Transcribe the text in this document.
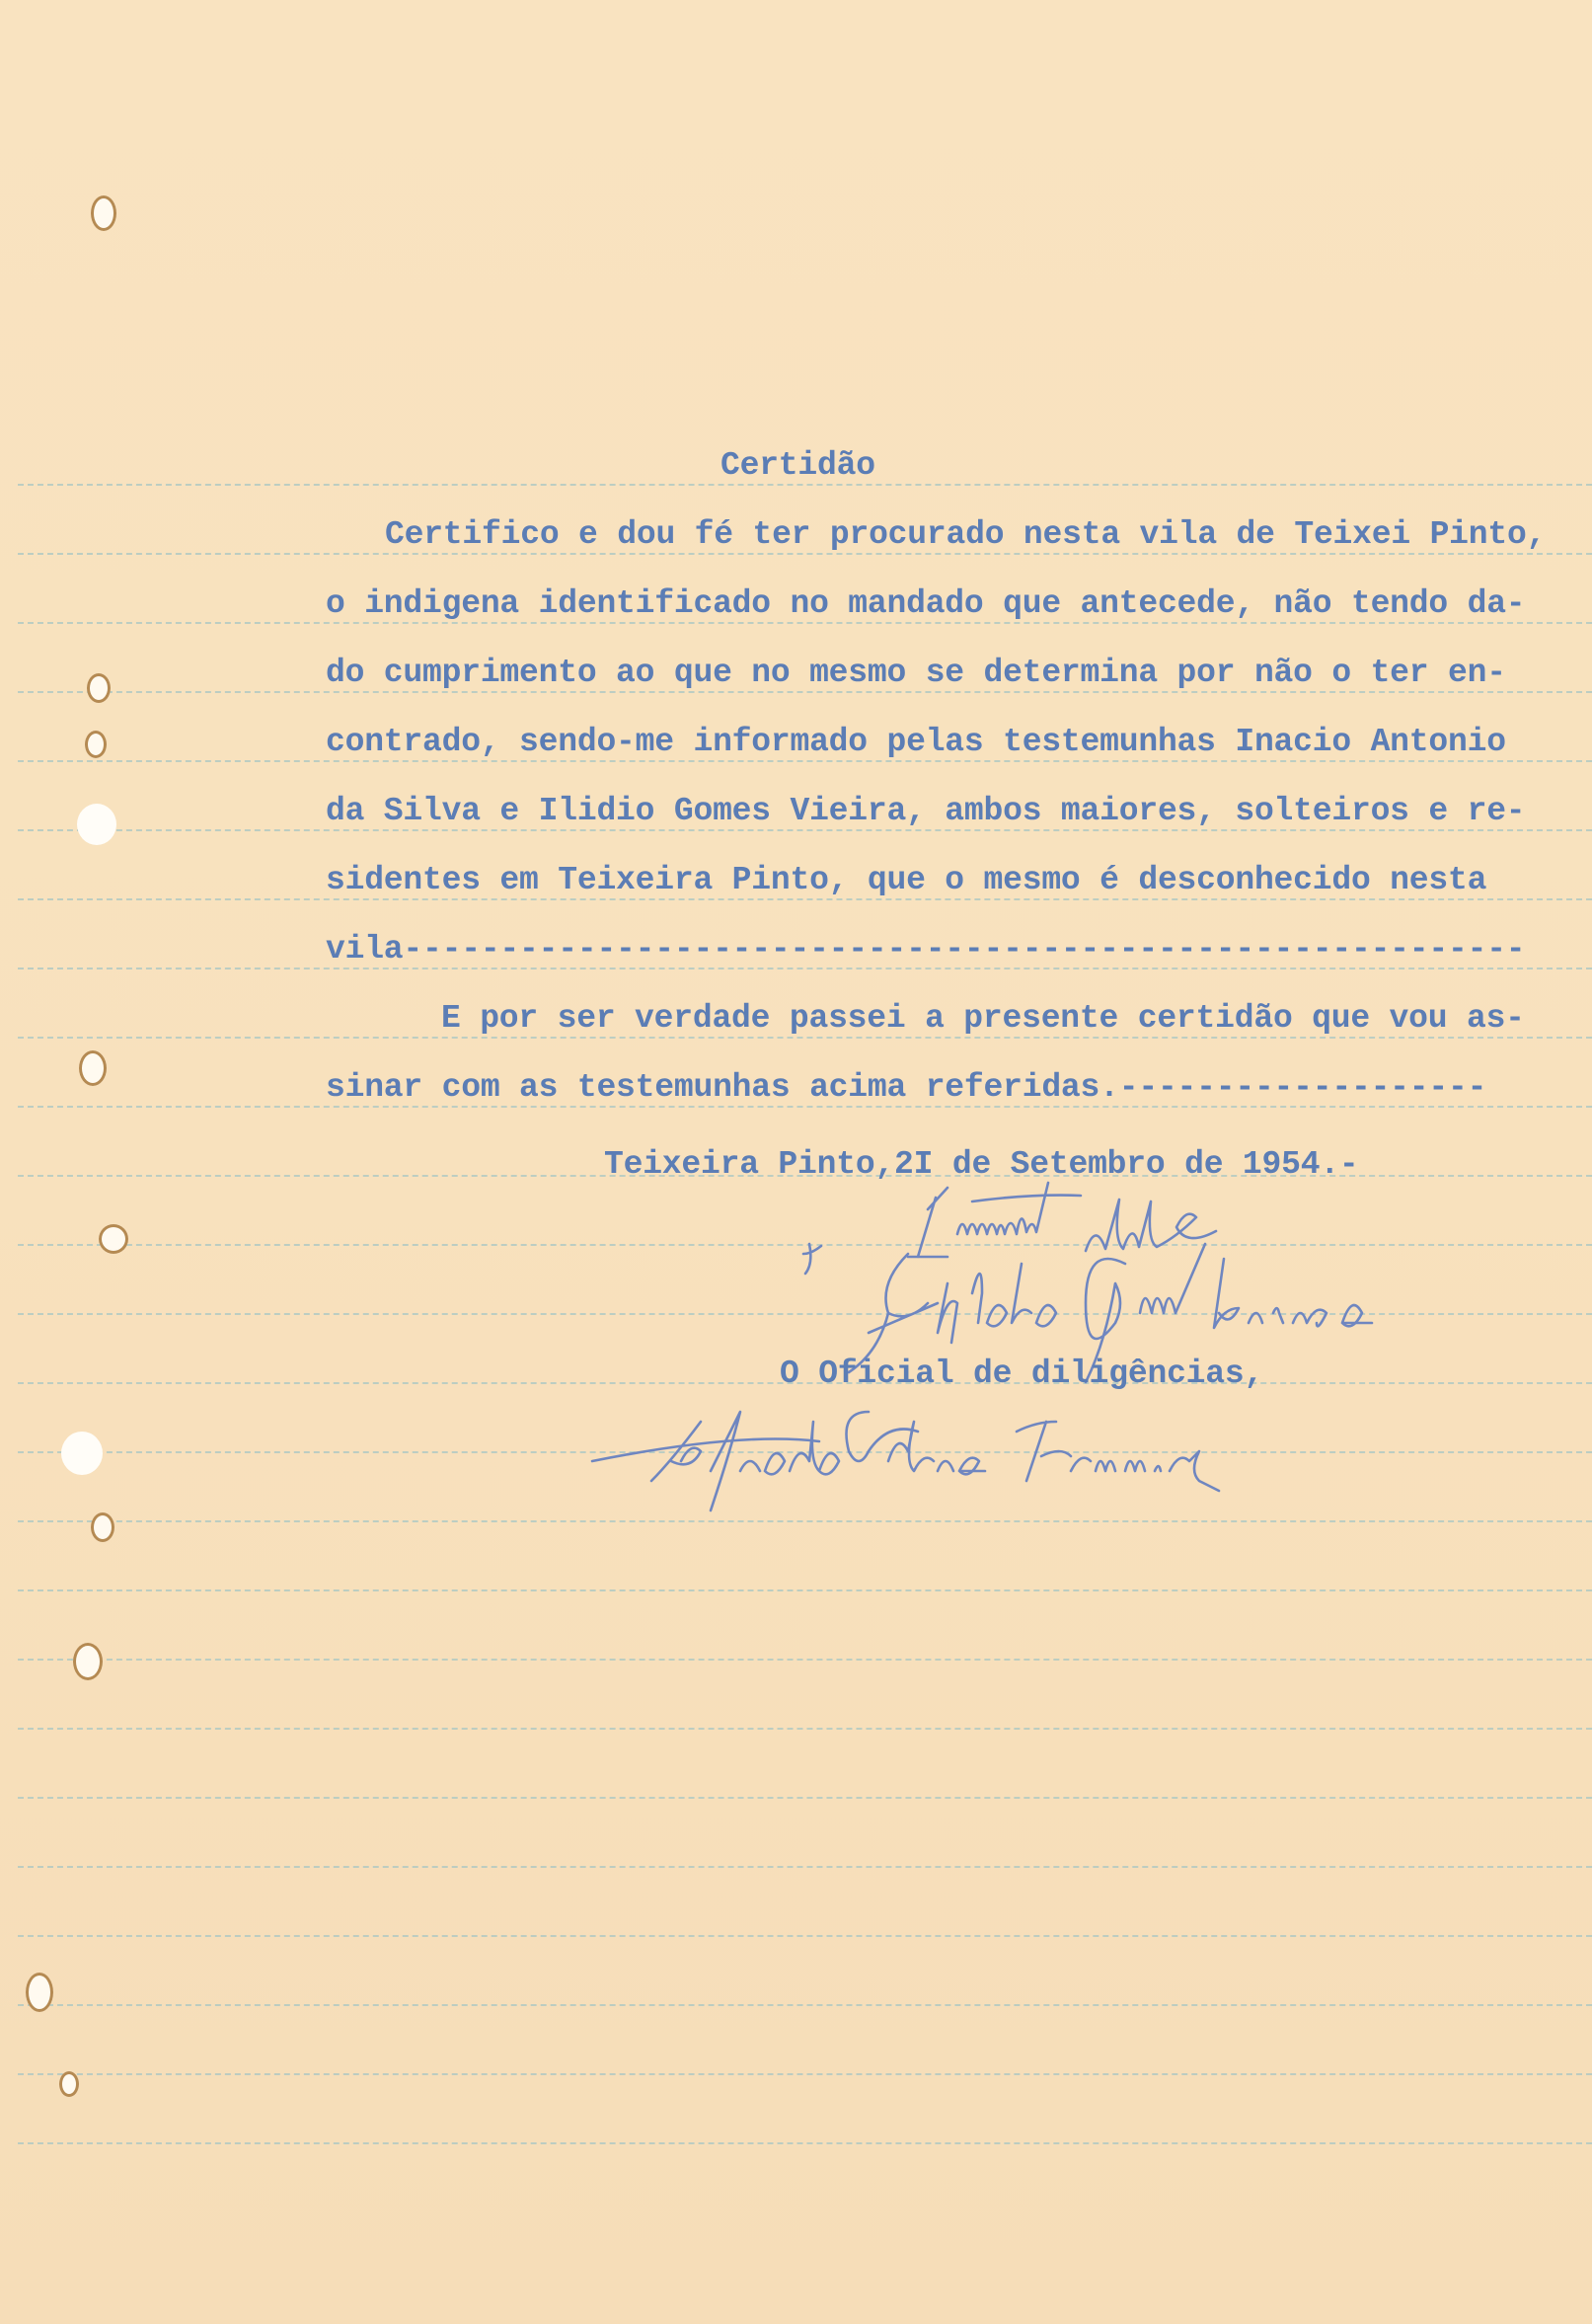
Certidão
Certifico e dou fé ter procurado nesta vila de Teixei Pinto,
o indigena identificado no mandado que antecede, não tendo da-
do cumprimento ao que no mesmo se determina por não o ter en-
contrado, sendo-me informado pelas testemunhas Inacio Antonio
da Silva e Ilidio Gomes Vieira, ambos maiores, solteiros e re-
sidentes em Teixeira Pinto, que o mesmo é desconhecido nesta
vila----------------------------------------------------------
E por ser verdade passei a presente certidão que vou as-
sinar com as testemunhas acima referidas.-------------------
Teixeira Pinto,2I de Setembro de 1954.-
O Oficial de diligências,
